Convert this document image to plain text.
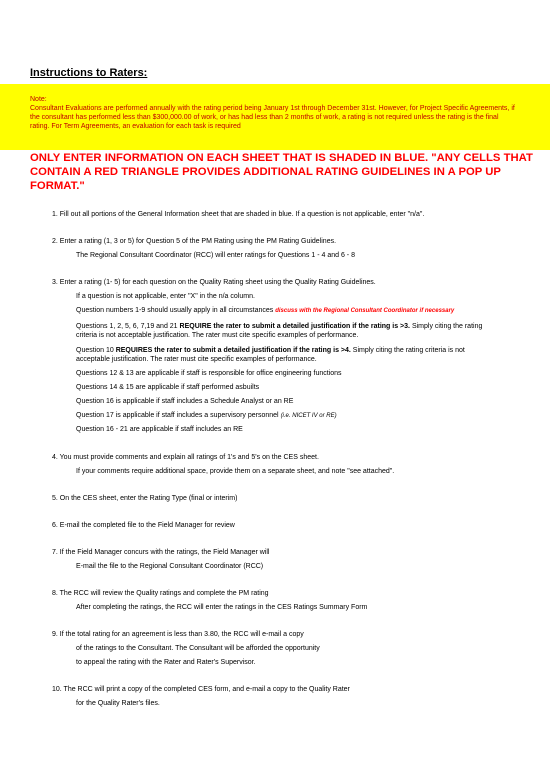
Instructions to Raters:
Note:
Consultant Evaluations are performed annually with the rating period being January 1st through December 31st. However, for Project Specific Agreements, if
the consultant has performed less than $300,000.00 of work, or has had less than 2 months of work, a rating is not required unless the rating is the final
rating. For Term Agreements, an evaluation for each task is required
ONLY ENTER INFORMATION ON EACH SHEET THAT IS SHADED IN BLUE. "ANY CELLS THAT CONTAIN A RED TRIANGLE PROVIDES ADDITIONAL RATING GUIDELINES IN A POP UP FORMAT."
1. Fill out all portions of the General Information sheet that are shaded in blue. If a question is not applicable, enter "n/a".
2. Enter a rating (1, 3 or 5) for Question 5 of the PM Rating using the PM Rating Guidelines.
The Regional Consultant Coordinator (RCC) will enter ratings for Questions 1 - 4 and 6 - 8
3. Enter a rating (1- 5) for each question on the Quality Rating sheet using the Quality Rating Guidelines.
If a question is not applicable, enter "X" in the n/a column.
Question numbers 1-9 should usually apply in all circumstances discuss with the Regional Consultant Coordinator if necessary
Questions 1, 2, 5, 6, 7,19 and 21 REQUIRE the rater to submit a detailed justification if the rating is >3. Simply citing the rating
criteria is not acceptable justification. The rater must cite specific examples of performance.
Question 10 REQUIRES the rater to submit a detailed justification if the rating is >4. Simply citing the rating criteria is not
acceptable justification. The rater must cite specific examples of performance.
Questions 12 & 13 are applicable if staff is responsible for office engineering functions
Questions 14 & 15 are applicable if staff performed asbuilts
Question 16 is applicable if staff includes a Schedule Analyst or an RE
Question 17 is applicable if staff includes a supervisory personnel (i.e. NICET IV or RE)
Question 16 - 21 are applicable if staff includes an RE
4. You must provide comments and explain all ratings of 1's and 5's on the CES sheet.
If your comments require additional space, provide them on a separate sheet, and note "see attached".
5. On the CES sheet, enter the Rating Type (final or interim)
6. E-mail the completed file to the Field Manager for review
7. If the Field Manager concurs with the ratings, the Field Manager will
E-mail the file to the Regional Consultant Coordinator (RCC)
8. The RCC will review the Quality ratings and complete the PM rating
After completing the ratings, the RCC will enter the ratings in the CES Ratings Summary Form
9. If the total rating for an agreement is less than 3.80, the RCC will e-mail a copy
of the ratings to the Consultant. The Consultant will be afforded the opportunity
to appeal the rating with the Rater and Rater's Supervisor.
10. The RCC will print a copy of the completed CES form, and e-mail a copy to the Quality Rater
for the Quality Rater's files.
